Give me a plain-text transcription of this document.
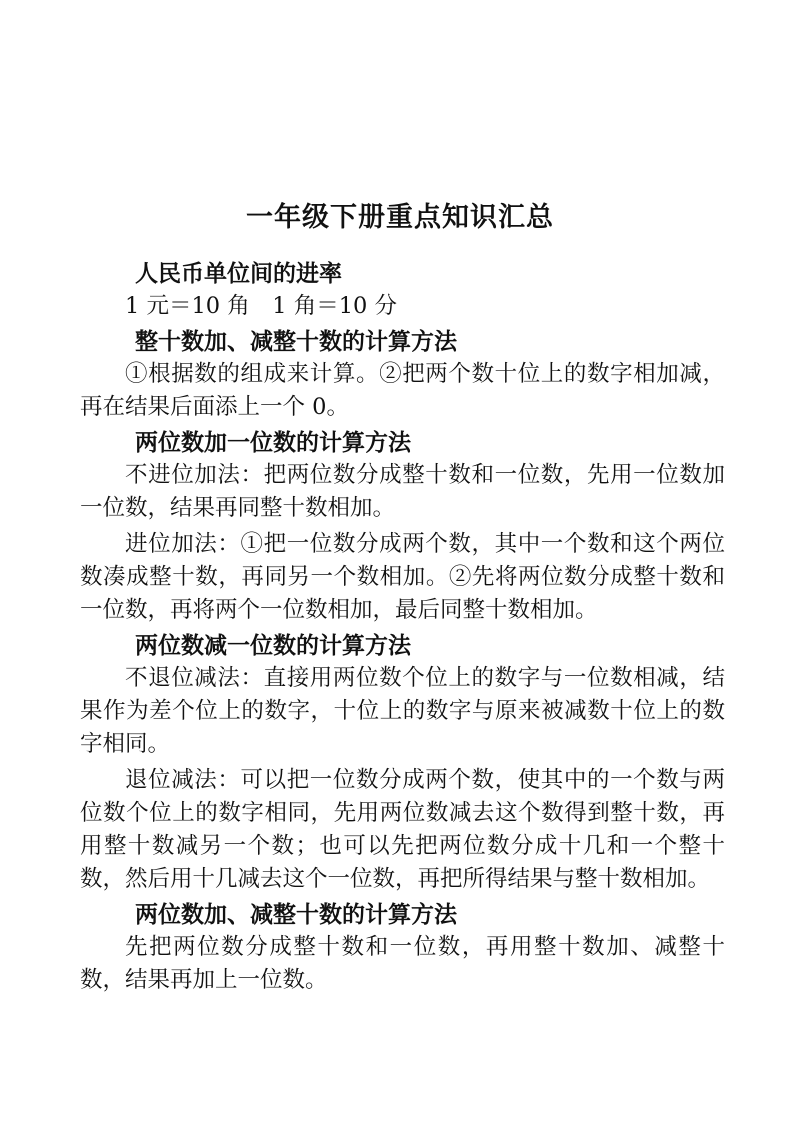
一年级下册重点知识汇总
人民币单位间的进率

1 元＝10 角　1 角＝10 分

整十数加、减整十数的计算方法

①根据数的组成来计算。②把两个数十位上的数字相加减，再在结果后面添上一个 0。

两位数加一位数的计算方法

不进位加法：把两位数分成整十数和一位数，先用一位数加一位数，结果再同整十数相加。

进位加法：①把一位数分成两个数，其中一个数和这个两位数凑成整十数，再同另一个数相加。②先将两位数分成整十数和一位数，再将两个一位数相加，最后同整十数相加。

两位数减一位数的计算方法

不退位减法：直接用两位数个位上的数字与一位数相减，结果作为差个位上的数字，十位上的数字与原来被减数十位上的数字相同。

退位减法：可以把一位数分成两个数，使其中的一个数与两位数个位上的数字相同，先用两位数减去这个数得到整十数，再用整十数减另一个数；也可以先把两位数分成十几和一个整十数，然后用十几减去这个一位数，再把所得结果与整十数相加。

两位数加、减整十数的计算方法

先把两位数分成整十数和一位数，再用整十数加、减整十数，结果再加上一位数。
